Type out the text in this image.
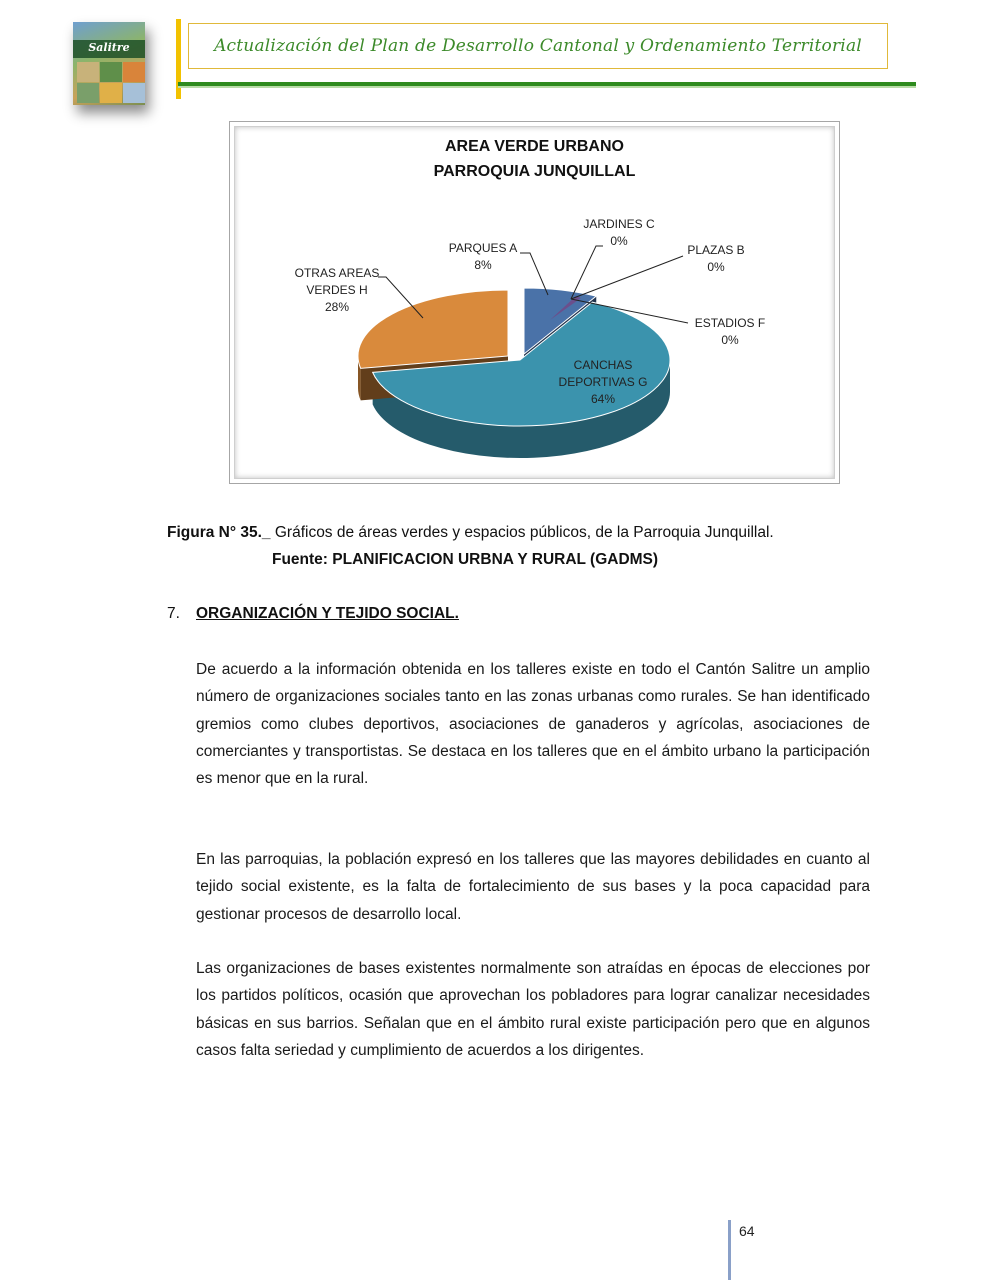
Salitre	Actualización del Plan de Desarrollo Cantonal y Ordenamiento Territorial
AREA VERDE URBANO
PARROQUIA JUNQUILLAL
PARQUES A
8%
JARDINES C
0%
PLAZAS B
0%
ESTADIOS F
0%
CANCHAS
DEPORTIVAS G
64%
OTRAS AREAS
VERDES H
28%
Figura N° 35._ Gráficos de áreas verdes y espacios públicos, de la Parroquia Junquillal.
Fuente: PLANIFICACION URBNA Y RURAL (GADMS)
7. ORGANIZACIÓN Y TEJIDO SOCIAL.

De acuerdo a la información obtenida en los talleres existe en todo el Cantón Salitre un amplio número de organizaciones sociales tanto en las zonas urbanas como rurales. Se han identificado gremios como clubes deportivos, asociaciones de ganaderos y agrícolas, asociaciones de comerciantes y transportistas. Se destaca en los talleres que en el ámbito urbano la participación es menor que en la rural.

En las parroquias, la población expresó en los talleres que las mayores debilidades en cuanto al tejido social existente, es la falta de fortalecimiento de sus bases y la poca capacidad para gestionar procesos de desarrollo local.

Las organizaciones de bases existentes normalmente son atraídas en épocas de elecciones por los partidos políticos, ocasión que aprovechan los pobladores para lograr canalizar necesidades básicas en sus barrios. Señalan que en el ámbito rural existe participación pero que en algunos casos falta seriedad y cumplimiento de acuerdos a los dirigentes.

64
